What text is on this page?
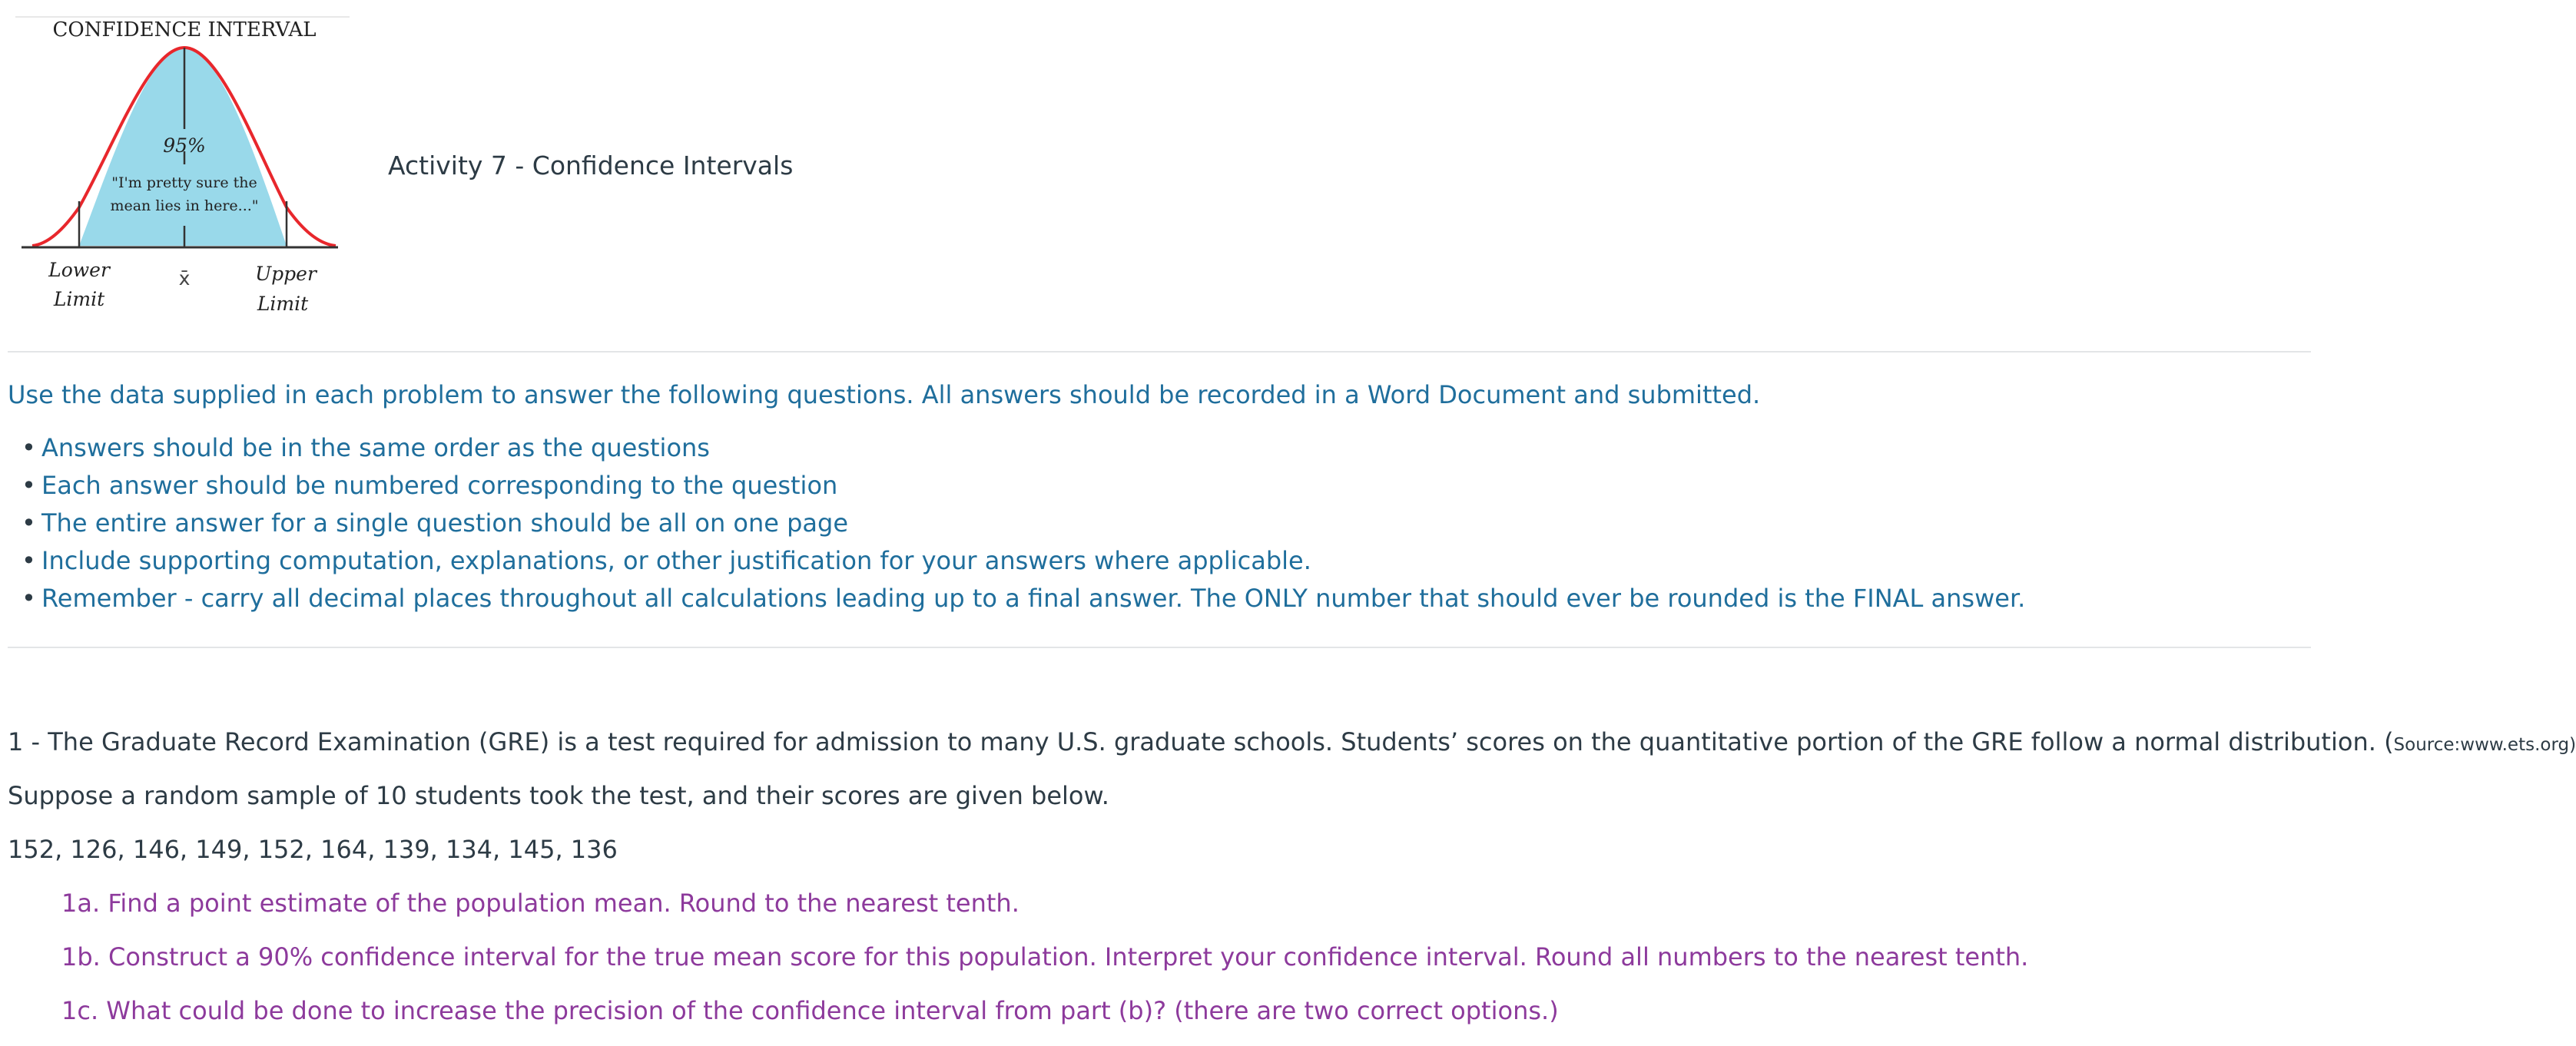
CONFIDENCE INTERVAL
95%
"I'm pretty sure the
mean lies in here..."
Lower
Limit
x̄	Upper
Limit
Activity 7 - Confidence Intervals
Use the data supplied in each problem to answer the following questions. All answers should be recorded in a Word Document and submitted.
• Answers should be in the same order as the questions
• Each answer should be numbered corresponding to the question
• The entire answer for a single question should be all on one page
• Include supporting computation, explanations, or other justification for your answers where applicable.
• Remember - carry all decimal places throughout all calculations leading up to a final answer. The ONLY number that should ever be rounded is the FINAL answer.
1 - The Graduate Record Examination (GRE) is a test required for admission to many U.S. graduate schools. Students’ scores on the quantitative portion of the GRE follow a normal distribution. (Source:www.ets.org)
Suppose a random sample of 10 students took the test, and their scores are given below.
152, 126, 146, 149, 152, 164, 139, 134, 145, 136
1a. Find a point estimate of the population mean. Round to the nearest tenth.
1b. Construct a 90% confidence interval for the true mean score for this population. Interpret your confidence interval. Round all numbers to the nearest tenth.
1c. What could be done to increase the precision of the confidence interval from part (b)? (there are two correct options.)
